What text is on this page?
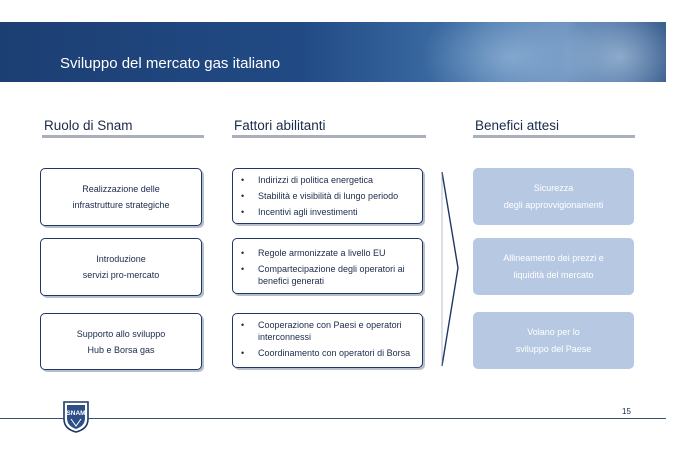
Sviluppo del mercato gas italiano
Ruolo di Snam	Fattori abilitanti	Benefici attesi
Realizzazione delle
infrastrutture strategiche
Introduzione
servizi pro-mercato
Supporto allo sviluppo
Hub e Borsa gas
• Indirizzi di politica energetica
• Stabilità e visibilità di lungo periodo
• Incentivi agli investimenti
• Regole armonizzate a livello EU
• Compartecipazione degli operatori ai benefici generati
• Cooperazione con Paesi e operatori interconnessi
• Coordinamento con operatori di Borsa
Sicurezza
degli approvvigionamenti
Allineamento dei prezzi e
liquidità del mercato
Volano per lo
sviluppo del Paese
SNAM	15
